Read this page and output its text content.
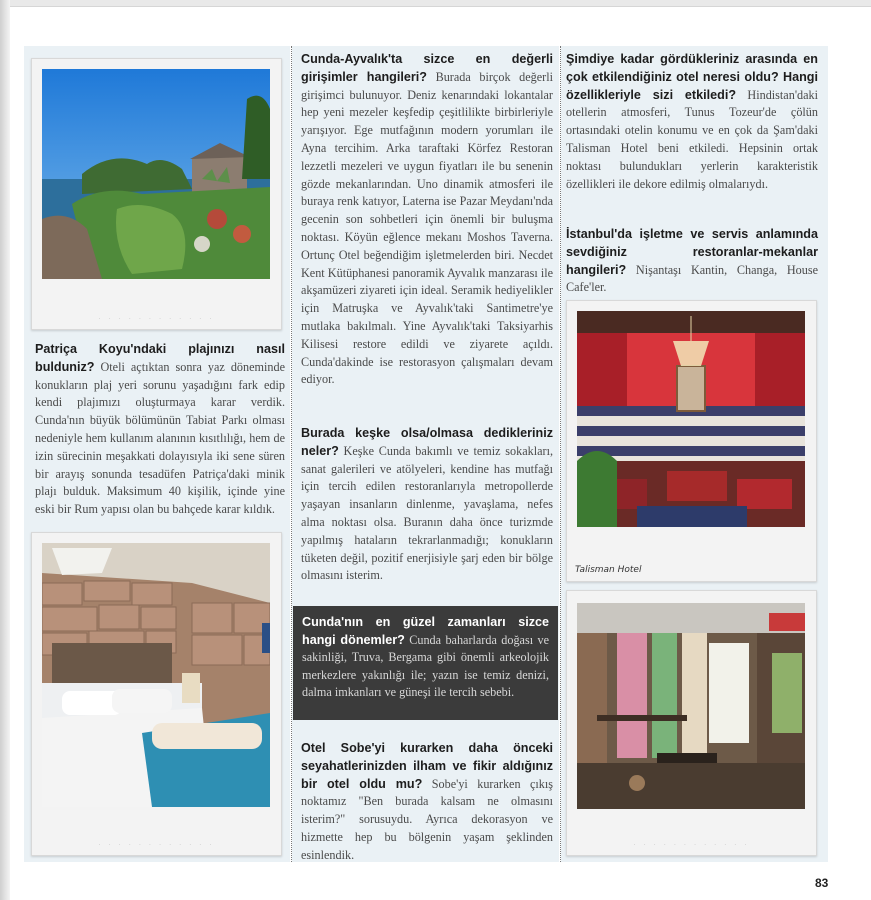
· · · · · · · · · · · ·
Patriça Koyu'ndaki plajınızı nasıl bulduniz? Oteli açtıktan sonra yaz döneminde konukların plaj yeri sorunu yaşadığını fark edip kendi plajımızı oluşturmaya karar verdik. Cunda'nın büyük bölümünün Tabiat Parkı olması nedeniyle hem kullanım alanının kısıtlılığı, hem de izin sürecinin meşakkati dolayısıyla iki sene süren bir arayış sonunda tesadüfen Patriça'daki minik plajı bulduk. Maksimum 40 kişilik, içinde yine eski bir Rum yapısı olan bu bahçede karar kıldık.
· · · · · · · · · · · ·
Cunda-Ayvalık'ta sizce en değerli girişimler hangileri? Burada birçok değerli girişimci bulunuyor. Deniz kenarındaki lokantalar hep yeni mezeler keşfedip çeşitlilikte birbirleriyle yarışıyor. Ege mutfağının modern yorumları ile Ayna tercihim. Arka taraftaki Körfez Restoran lezzetli mezeleri ve uygun fiyatları ile bu senenin gözde mekanlarından. Uno dinamik atmosferi ile buraya renk katıyor, Laterna ise Pazar Meydanı'nda gecenin son sohbetleri için önemli bir buluşma noktası. Köyün eğlence mekanı Moshos Taverna. Ortunç Otel beğendiğim işletmelerden biri. Necdet Kent Kütüphanesi panoramik Ayvalık manzarası ile akşamüzeri ziyareti için ideal. Seramik hediyelikler için Matruşka ve Ayvalık'taki Santimetre'ye mutlaka bakılmalı. Yine Ayvalık'taki Taksiyarhis Kilisesi restore edildi ve ziyarete açıldı. Cunda'dakinde ise restorasyon çalışmaları devam ediyor.
Burada keşke olsa/olmasa dedikleriniz neler? Keşke Cunda bakımlı ve temiz sokakları, sanat galerileri ve atölyeleri, kendine has mutfağı için tercih edilen restoranlarıyla metropollerde yaşayan insanların dinlenme, yavaşlama, nefes alma noktası olsa. Buranın daha önce turizmde yapılmış hataların tekrarlanmadığı; konukların tüketen değil, pozitif enerjisiyle şarj eden bir bölge olmasını isterim.
Cunda'nın en güzel zamanları sizce hangi dönemler? Cunda baharlarda doğası ve sakinliği, Truva, Bergama gibi önemli arkeolojik merkezlere yakınlığı ile; yazın ise temiz denizi, dalma imkanları ve güneşi ile tercih sebebi.
Otel Sobe'yi kurarken daha önceki seyahatlerinizden ilham ve fikir aldığınız bir otel oldu mu? Sobe'yi kurarken çıkış noktamız "Ben burada kalsam ne olmasını isterim?" sorusuydu. Ayrıca dekorasyon ve hizmette hep bu bölgenin yaşam şeklinden esinlendik.
Şimdiye kadar gördükleriniz arasında en çok etkilendiğiniz otel neresi oldu? Hangi özellikleriyle sizi etkiledi? Hindistan'daki otellerin atmosferi, Tunus Tozeur'de çölün ortasındaki otelin konumu ve en çok da Şam'daki Talisman Hotel beni etkiledi. Hepsinin ortak noktası bulundukları yerlerin karakteristik özellikleri ile dekore edilmiş olmalarıydı.
İstanbul'da işletme ve servis anlamında sevdiğiniz restoranlar-mekanlar hangileri? Nişantaşı Kantin, Changa, House Cafe'ler.
Talisman Hotel
· · · · · · · · · · · ·
83
